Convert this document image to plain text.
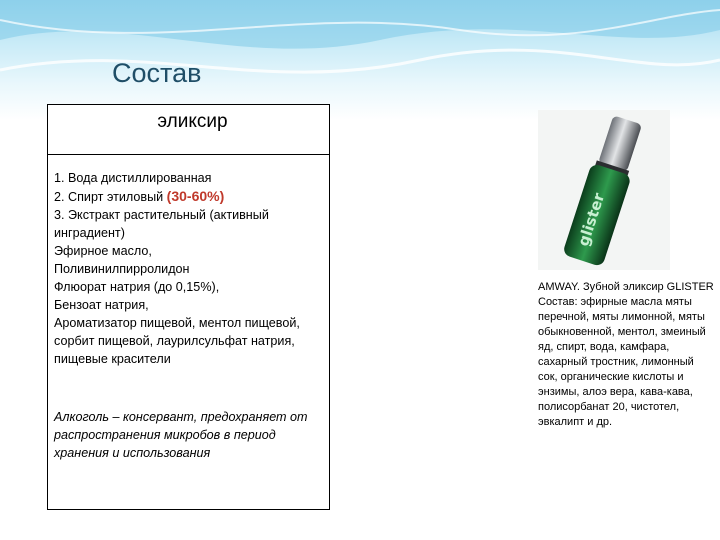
Состав
эликсир
1. Вода дистиллированная
2. Спирт этиловый (30-60%)
3. Экстракт растительный (активный
инградиент)
Эфирное масло,
Поливинилпирролидон
Флюорат натрия (до 0,15%),
Бензоат натрия,
Ароматизатор пищевой, ментол пищевой,
сорбит пищевой, лаурилсульфат натрия,
пищевые красители
Алкоголь – консервант, предохраняет от распространения микробов в период хранения и использования
glister
AMWAY. Зубной эликсир GLISTER Состав: эфирные масла мяты перечной, мяты лимонной, мяты обыкновенной, ментол, змеиный яд, спирт, вода, камфара, сахарный тростник, лимонный сок, органические кислоты и энзимы, алоэ вера, кава-кава, полисорбанат 20, чистотел, эвкалипт и др.
